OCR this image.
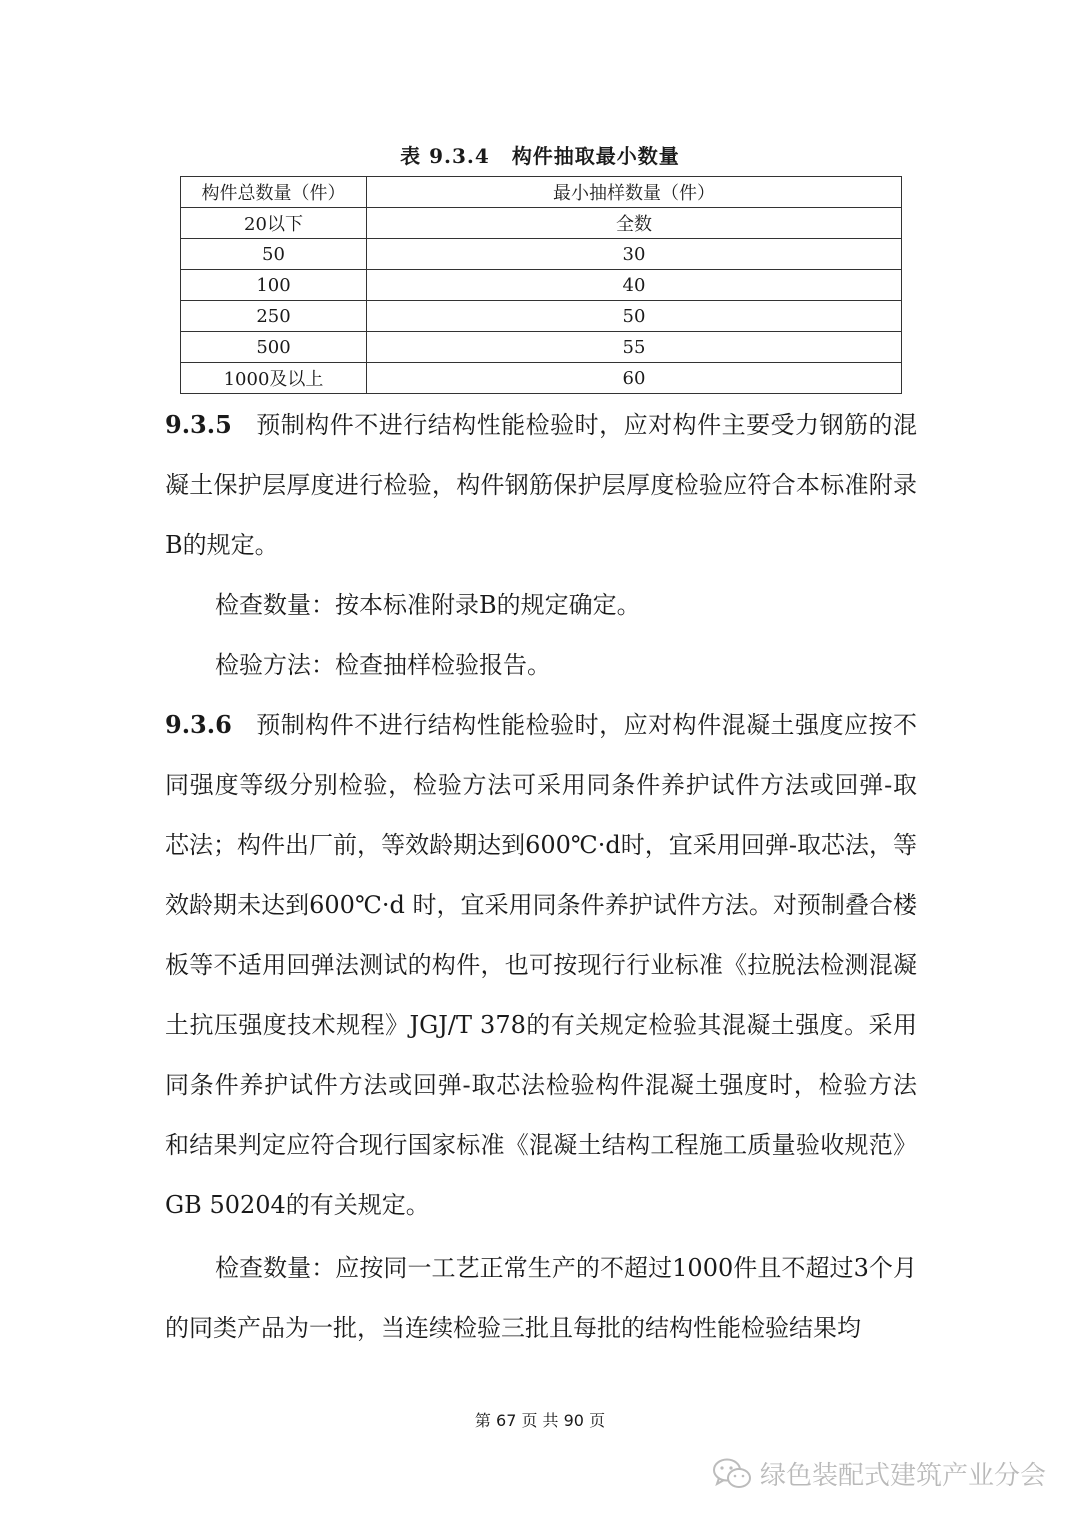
表 9.3.4 构件抽取最小数量
构件总数量（件）	最小抽样数量（件）
20以下	全数
50	30
100	40
250	50
500	55
1000及以上	60

9.3.5 预制构件不进行结构性能检验时，应对构件主要受力钢筋的混凝土保护层厚度进行检验，构件钢筋保护层厚度检验应符合本标准附录B的规定。

检查数量：按本标准附录B的规定确定。

检验方法：检查抽样检验报告。

9.3.6 预制构件不进行结构性能检验时，应对构件混凝土强度应按不同强度等级分别检验，检验方法可采用同条件养护试件方法或回弹-取芯法；构件出厂前，等效龄期达到600℃·d时，宜采用回弹-取芯法，等效龄期未达到600℃·d 时，宜采用同条件养护试件方法。对预制叠合楼板等不适用回弹法测试的构件，也可按现行行业标准《拉脱法检测混凝土抗压强度技术规程》JGJ/T 378的有关规定检验其混凝土强度。采用同条件养护试件方法或回弹-取芯法检验构件混凝土强度时，检验方法和结果判定应符合现行国家标准《混凝土结构工程施工质量验收规范》GB 50204的有关规定。

检查数量：应按同一工艺正常生产的不超过1000件且不超过3个月的同类产品为一批，当连续检验三批且每批的结构性能检验结果均

第 67 页 共 90 页
绿色装配式建筑产业分会
